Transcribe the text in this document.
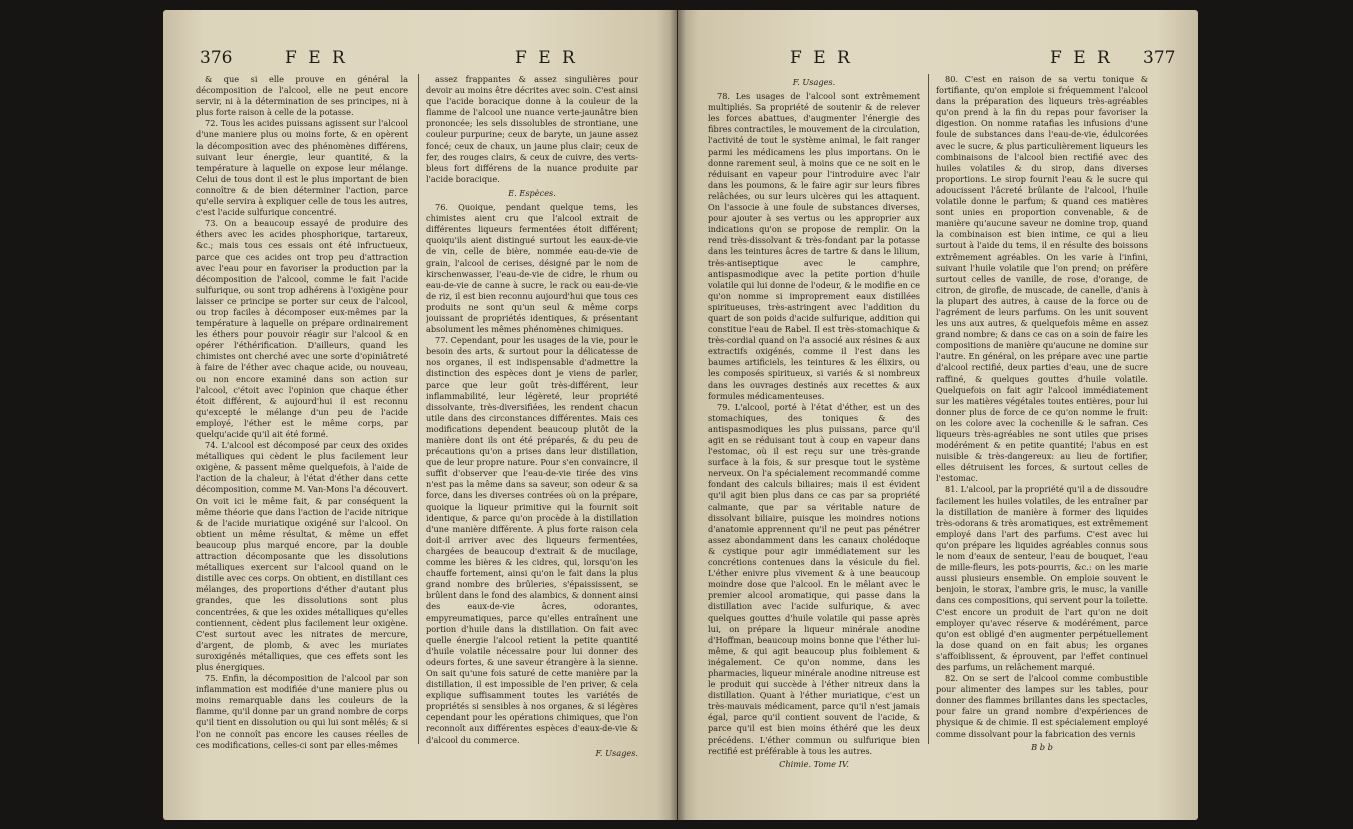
376	F E R	F E R

& que si elle prouve en général la décomposition de l'alcool, elle ne peut encore servir, ni à la détermination de ses principes, ni à plus forte raison à celle de la potasse.

72. Tous les acides puissans agissent sur l'alcool d'une maniere plus ou moins forte, & en opèrent la décomposition avec des phénomènes différens, suivant leur énergie, leur quantité, & la température à laquelle on expose leur mélange. Celui de tous dont il est le plus important de bien connoître & de bien déterminer l'action, parce qu'elle servira à expliquer celle de tous les autres, c'est l'acide sulfurique concentré.

73. On a beaucoup essayé de produire des éthers avec les acides phosphorique, tartareux, &c.; mais tous ces essais ont été infructueux, parce que ces acides ont trop peu d'attraction avec l'eau pour en favoriser la production par la décomposition de l'alcool, comme le fait l'acide sulfurique, ou sont trop adhérens à l'oxigène pour laisser ce principe se porter sur ceux de l'alcool, ou trop faciles à décomposer eux-mêmes par la température à laquelle on prépare ordinairement les éthers pour pouvoir réagir sur l'alcool & en opérer l'éthérification. D'ailleurs, quand les chimistes ont cherché avec une sorte d'opiniâtreté à faire de l'éther avec chaque acide, ou nouveau, ou non encore examiné dans son action sur l'alcool, c'étoit avec l'opinion que chaque éther étoit différent, & aujourd'hui il est reconnu qu'excepté le mélange d'un peu de l'acide employé, l'éther est le même corps, par quelqu'acide qu'il ait été formé.

74. L'alcool est décomposé par ceux des oxides métalliques qui cèdent le plus facilement leur oxigène, & passent même quelquefois, à l'aide de l'action de la chaleur, à l'état d'éther dans cette décomposition, comme M. Van-Mons l'a découvert. On voit ici le même fait, & par conséquent la même théorie que dans l'action de l'acide nitrique & de l'acide muriatique oxigéné sur l'alcool. On obtient un même résultat, & même un effet beaucoup plus marqué encore, par la double attraction décomposante que les dissolutions métalliques exercent sur l'alcool quand on le distille avec ces corps. On obtient, en distillant ces mélanges, des proportions d'éther d'autant plus grandes, que les dissolutions sont plus concentrées, & que les oxides métalliques qu'elles contiennent, cèdent plus facilement leur oxigène. C'est surtout avec les nitrates de mercure, d'argent, de plomb, & avec les muriates suroxigénés métalliques, que ces effets sont les plus énergiques.

75. Enfin, la décomposition de l'alcool par son inflammation est modifiée d'une maniere plus ou moins remarquable dans les couleurs de la flamme, qu'il donne par un grand nombre de corps qu'il tient en dissolution ou qui lui sont mêlés; & si l'on ne connoît pas encore les causes réelles de ces modifications, celles-ci sont par elles-mêmes

assez frappantes & assez singulières pour devoir au moins être décrites avec soin. C'est ainsi que l'acide boracique donne à la couleur de la flamme de l'alcool une nuance verte-jaunâtre bien prononcée; les sels dissolubles de strontiane, une couleur purpurine; ceux de baryte, un jaune assez foncé; ceux de chaux, un jaune plus clair; ceux de fer, des rouges clairs, & ceux de cuivre, des verts-bleus fort différens de la nuance produite par l'acide boracique.

E. Espèces.

76. Quoique, pendant quelque tems, les chimistes aient cru que l'alcool extrait de différentes liqueurs fermentées étoit différent; quoiqu'ils aient distingué surtout les eaux-de-vie de vin, celle de bière, nommée eau-de-vie de grain, l'alcool de cerises, désigné par le nom de kirschenwasser, l'eau-de-vie de cidre, le rhum ou eau-de-vie de canne à sucre, le rack ou eau-de-vie de riz, il est bien reconnu aujourd'hui que tous ces produits ne sont qu'un seul & même corps jouissant de propriétés identiques, & présentant absolument les mêmes phénomènes chimiques.

77. Cependant, pour les usages de la vie, pour le besoin des arts, & surtout pour la délicatesse de nos organes, il est indispensable d'admettre la distinction des espèces dont je viens de parler, parce que leur goût très-différent, leur inflammabilité, leur légèreté, leur propriété dissolvante, très-diversifiées, les rendent chacun utile dans des circonstances différentes. Mais ces modifications dependent beaucoup plutôt de la manière dont ils ont été préparés, & du peu de précautions qu'on a prises dans leur distillation, que de leur propre nature. Pour s'en convaincre, il suffit d'observer que l'eau-de-vie tirée des vins n'est pas la même dans sa saveur, son odeur & sa force, dans les diverses contrées où on la prépare, quoique la liqueur primitive qui la fournit soit identique, & parce qu'on procède à la distillation d'une manière différente. À plus forte raison cela doit-il arriver avec des liqueurs fermentées, chargées de beaucoup d'extrait & de mucilage, comme les bières & les cidres, qui, lorsqu'on les chauffe fortement, ainsi qu'on le fait dans la plus grand nombre des brûleries, s'épaississent, se brûlent dans le fond des alambics, & donnent ainsi des eaux-de-vie âcres, odorantes, empyreumatiques, parce qu'elles entraînent une portion d'huile dans la distillation. On fait avec quelle énergie l'alcool retient la petite quantité d'huile volatile nécessaire pour lui donner des odeurs fortes, & une saveur étrangère à la sienne. On sait qu'une fois saturé de cette manière par la distillation, il est impossible de l'en priver, & cela explique suffisamment toutes les variétés de propriétés si sensibles à nos organes, & si légères cependant pour les opérations chimiques, que l'on reconnoît aux différentes espèces d'eaux-de-vie & d'alcool du commerce.

F. Usages.

F E R	F E R 377

F. Usages.

78. Les usages de l'alcool sont extrêmement multipliés. Sa propriété de soutenir & de relever les forces abattues, d'augmenter l'énergie des fibres contractiles, le mouvement de la circulation, l'activité de tout le système animal, le fait ranger parmi les médicamens les plus importans. On le donne rarement seul, à moins que ce ne soit en le réduisant en vapeur pour l'introduire avec l'air dans les poumons, & le faire agir sur leurs fibres relâchées, ou sur leurs ulcères qui les attaquent. On l'associe à une foule de substances diverses, pour ajouter à ses vertus ou les approprier aux indications qu'on se propose de remplir. On la rend très-dissolvant & très-fondant par la potasse dans les teintures âcres de tartre & dans le lilium, très-antiseptique avec le camphre, antispasmodique avec la petite portion d'huile volatile qui lui donne de l'odeur, & le modifie en ce qu'on nomme si improprement eaux distillées spiritueuses, très-astringent avec l'addition du quart de son poids d'acide sulfurique, addition qui constitue l'eau de Rabel. Il est très-stomachique & très-cordial quand on l'a associé aux résines & aux extractifs oxigénés, comme il l'est dans les baumes artificiels, les teintures & les élixirs, ou les composés spiritueux, si variés & si nombreux dans les ouvrages destinés aux recettes & aux formules médicamenteuses.

79. L'alcool, porté à l'état d'éther, est un des stomachiques, des toniques & des antispasmodiques les plus puissans, parce qu'il agit en se réduisant tout à coup en vapeur dans l'estomac, où il est reçu sur une très-grande surface à la fois, & sur presque tout le système nerveux. On l'a spécialement recommandé comme fondant des calculs biliaires; mais il est évident qu'il agit bien plus dans ce cas par sa propriété calmante, que par sa véritable nature de dissolvant biliaire, puisque les moindres notions d'anatomie apprennent qu'il ne peut pas pénétrer assez abondamment dans les canaux cholédoque & cystique pour agir immédiatement sur les concrétions contenues dans la vésicule du fiel. L'éther enivre plus vivement & à une beaucoup moindre dose que l'alcool. En le mêlant avec le premier alcool aromatique, qui passe dans la distillation avec l'acide sulfurique, & avec quelques gouttes d'huile volatile qui passe après lui, on prépare la liqueur minérale anodine d'Hoffman, beaucoup moins bonne que l'éther lui-même, & qui agit beaucoup plus foiblement & inégalement. Ce qu'on nomme, dans les pharmacies, liqueur minérale anodine nitreuse est le produit qui succède à l'éther nitreux dans la distillation. Quant à l'éther muriatique, c'est un très-mauvais médicament, parce qu'il n'est jamais égal, parce qu'il contient souvent de l'acide, & parce qu'il est bien moins éthéré que les deux précédens. L'éther commun ou sulfurique bien rectifié est préférable à tous les autres.

Chimie. Tome IV.

80. C'est en raison de sa vertu tonique & fortifiante, qu'on emploie si fréquemment l'alcool dans la préparation des liqueurs très-agréables qu'on prend à la fin du repas pour favoriser la digestion. On nomme ratafias les infusions d'une foule de substances dans l'eau-de-vie, édulcorées avec le sucre, & plus particulièrement liqueurs les combinaisons de l'alcool bien rectifié avec des huiles volatiles & du sirop, dans diverses proportions. Le sirop fournit l'eau & le sucre qui adoucissent l'âcreté brûlante de l'alcool, l'huile volatile donne le parfum; & quand ces matières sont unies en proportion convenable, & de manière qu'aucune saveur ne domine trop, quand la combinaison est bien intime, ce qui a lieu surtout à l'aide du tems, il en résulte des boissons extrêmement agréables. On les varie à l'infini, suivant l'huile volatile que l'on prend; on préfère surtout celles de vanille, de rose, d'orange, de citron, de girofle, de muscade, de canelle, d'anis à la plupart des autres, à cause de la force ou de l'agrément de leurs parfums. On les unit souvent les uns aux autres, & quelquefois même en assez grand nombre; & dans ce cas on a soin de faire les compositions de manière qu'aucune ne domine sur l'autre. En général, on les prépare avec une partie d'alcool rectifié, deux parties d'eau, une de sucre raffiné, & quelques gouttes d'huile volatile. Quelquefois on fait agir l'alcool immédiatement sur les matières végétales toutes entières, pour lui donner plus de force de ce qu'on nomme le fruit: on les colore avec la cochenille & le safran. Ces liqueurs très-agréables ne sont utiles que prises modérément & en petite quantité; l'abus en est nuisible & très-dangereux: au lieu de fortifier, elles détruisent les forces, & surtout celles de l'estomac.

81. L'alcool, par la propriété qu'il a de dissoudre facilement les huiles volatiles, de les entraîner par la distillation de manière à former des liquides très-odorans & très aromatiques, est extrêmement employé dans l'art des parfums. C'est avec lui qu'on prépare les liquides agréables connus sous le nom d'eaux de senteur, l'eau de bouquet, l'eau de mille-fleurs, les pots-pourris, &c.: on les marie aussi plusieurs ensemble. On emploie souvent le benjoin, le storax, l'ambre gris, le musc, la vanille dans ces compositions, qui servent pour la toilette. C'est encore un produit de l'art qu'on ne doit employer qu'avec réserve & modérément, parce qu'on est obligé d'en augmenter perpétuellement la dose quand on en fait abus; les organes s'affoiblissent, & éprouvent, par l'effet continuel des parfums, un relâchement marqué.

82. On se sert de l'alcool comme combustible pour alimenter des lampes sur les tables, pour donner des flammes brillantes dans les spectacles, pour faire un grand nombre d'expériences de physique & de chimie. Il est spécialement employé comme dissolvant pour la fabrication des vernis

B b b
